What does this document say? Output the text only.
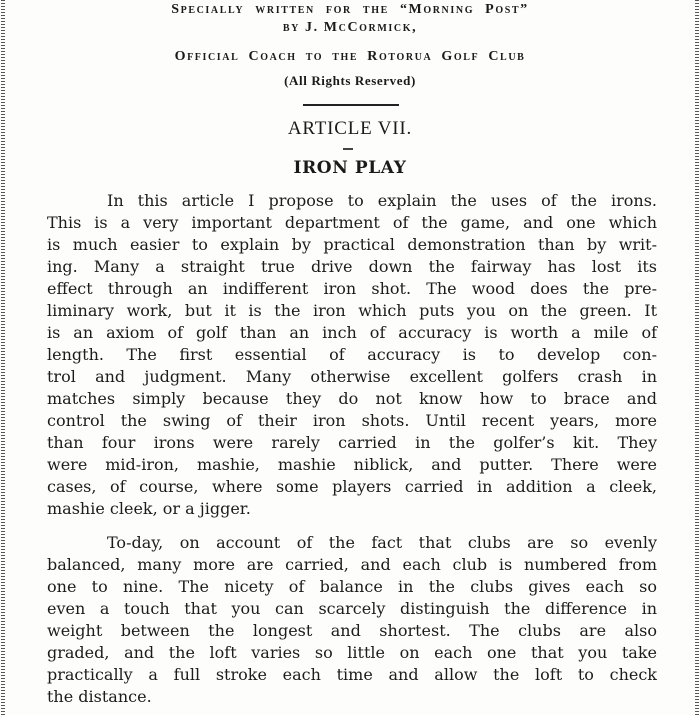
Specially written for the “Morning Post”
by J. McCormick,
Official Coach to the Rotorua Golf Club
(All Rights Reserved)
ARTICLE VII.
IRON PLAY
In this article I propose to explain the uses of the irons.
This is a very important department of the game, and one which
is much easier to explain by practical demonstration than by writ-
ing. Many a straight true drive down the fairway has lost its
effect through an indifferent iron shot. The wood does the pre-
liminary work, but it is the iron which puts you on the green. It
is an axiom of golf than an inch of accuracy is worth a mile of
length. The first essential of accuracy is to develop con-
trol and judgment. Many otherwise excellent golfers crash in
matches simply because they do not know how to brace and
control the swing of their iron shots. Until recent years, more
than four irons were rarely carried in the golfer’s kit. They
were mid-iron, mashie, mashie niblick, and putter. There were
cases, of course, where some players carried in addition a cleek,
mashie cleek, or a jigger.
To-day, on account of the fact that clubs are so evenly
balanced, many more are carried, and each club is numbered from
one to nine. The nicety of balance in the clubs gives each so
even a touch that you can scarcely distinguish the difference in
weight between the longest and shortest. The clubs are also
graded, and the loft varies so little on each one that you take
practically a full stroke each time and allow the loft to check
the distance.
